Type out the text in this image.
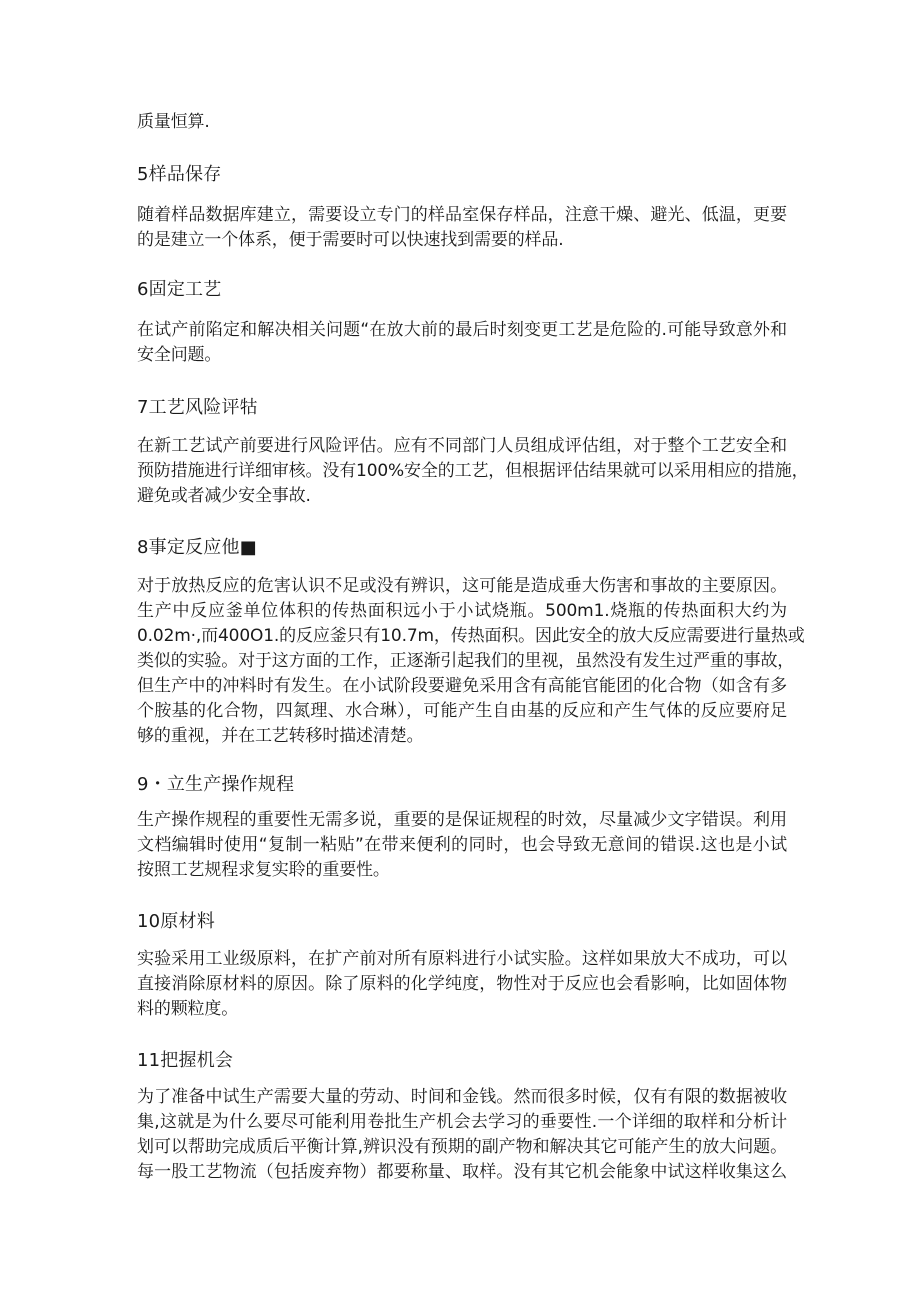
质量恒算.

5样品保存

随着样品数据库建立，需要设立专门的样品室保存样品，注意干燥、避光、低温，更要
的是建立一个体系，便于需要时可以快速找到需要的样品.

6固定工艺

在试产前陷定和解决相关问题“在放大前的最后时刻变更工艺是危险的.可能导致意外和
安全问题。

7工艺风险评牯

在新工艺试产前要进行风险评估。应有不同部门人员组成评估组，对于整个工艺安全和
预防措施进行详细审核。没有100%安全的工艺，但根据评估结果就可以采用相应的措施，
避免或者减少安全事故.

8事定反应他■

对于放热反应的危害认识不足或没有辨识，这可能是造成垂大伤害和事故的主要原因。
生产中反应釜单位体积的传热面积远小于小试烧瓶。500m1.烧瓶的传热面积大约为
0.02m·,而400O1.的反应釜只有10.7m，传热面积。因此安全的放大反应需要进行量热或
类似的实验。对于这方面的工作，正逐渐引起我们的里视，虽然没有发生过严重的事故，
但生产中的冲料时有发生。在小试阶段要避免采用含有高能官能团的化合物（如含有多
个胺基的化合物，四氮理、水合琳），可能产生自由基的反应和产生气体的反应要府足
够的重视，并在工艺转移时描述清楚。

9・立生产操作规程

生产操作规程的重要性无需多说，重要的是保证规程的时效，尽量减少文字错误。利用
文档编辑时使用“复制一粘贴”在带来便利的同时，也会导致无意间的错误.这也是小试
按照工艺规程求复实聆的重要性。

10原材料

实验采用工业级原料，在扩产前对所有原料进行小试实脸。这样如果放大不成功，可以
直接消除原材料的原因。除了原料的化学纯度，物性对于反应也会看影响，比如固体物
料的颗粒度。

11把握机会

为了准备中试生产需要大量的劳动、时间和金钱。然而很多时候，仅有有限的数据被收
集,这就是为什么要尽可能利用卷批生产机会去学习的垂要性.一个详细的取样和分析计
划可以帮助完成质后平衡计算,辨识没有预期的副产物和解决其它可能产生的放大问题。
每一股工艺物流（包括废弃物）都要称量、取样。没有其它机会能象中试这样收集这么
